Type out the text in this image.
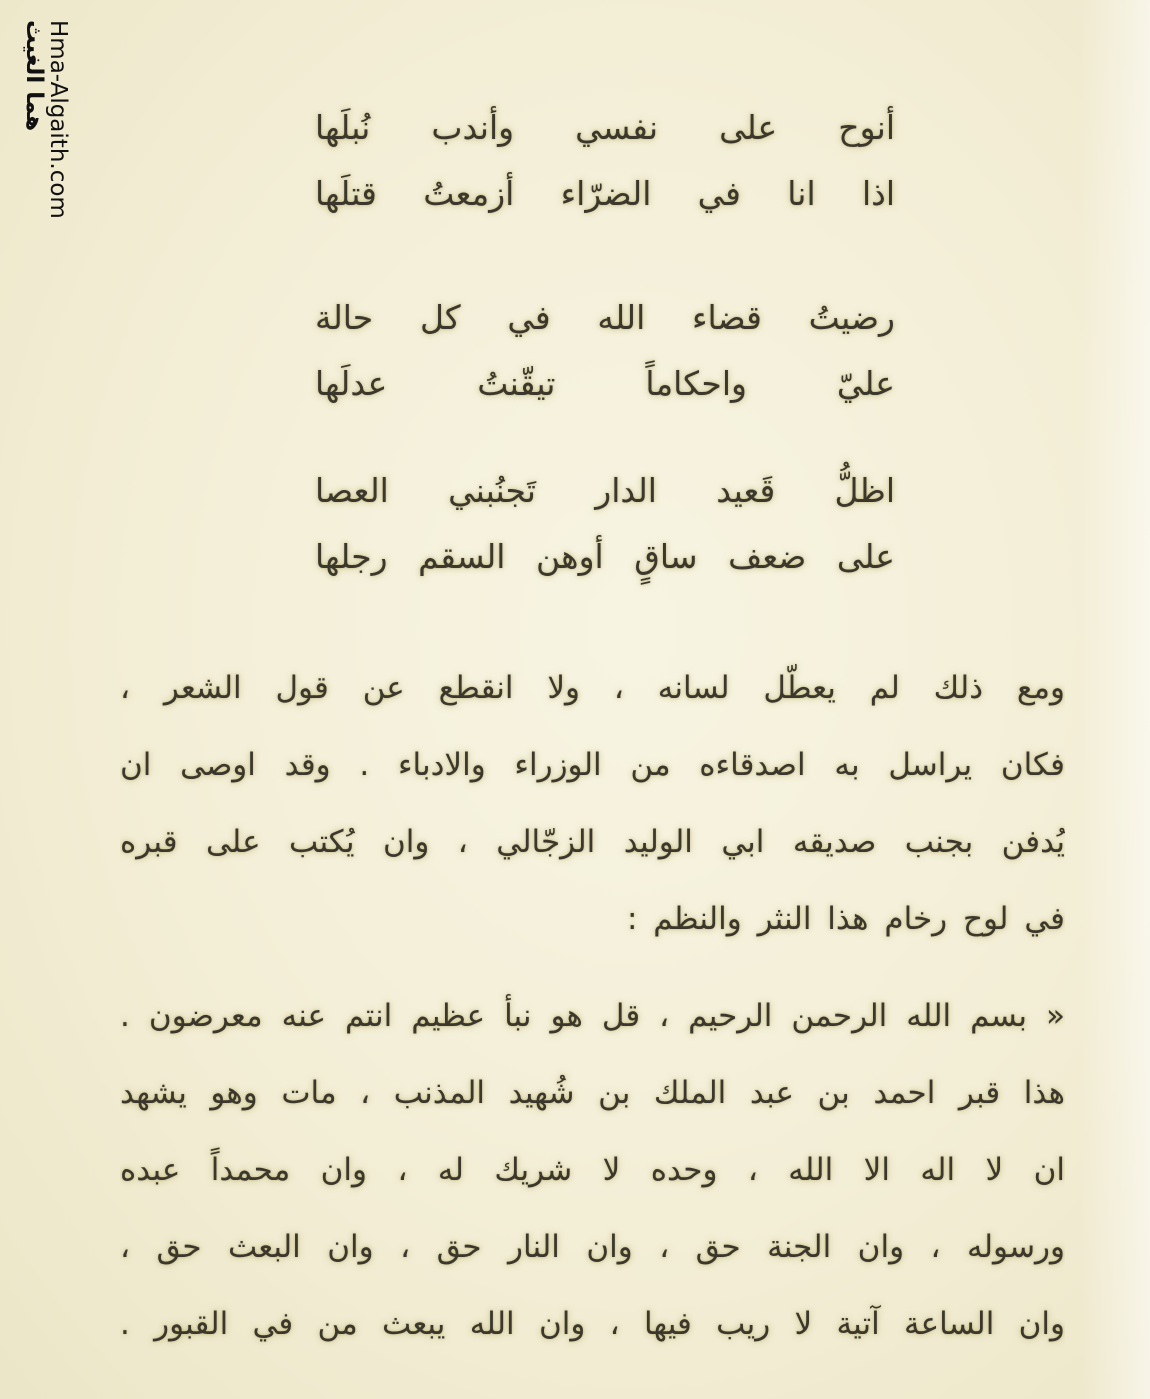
Hma-Algaith.com
هما الغيث	أنوح على نفسي وأندب نُبلَها
اذا انا في الضرّاء أزمعتُ قتلَها
رضيتُ قضاء الله في كل حالة
عليّ واحكاماً تيقّنتُ عدلَها
اظلُّ قَعيد الدار تَجنُبني العصا
على ضعف ساقٍ أوهن السقم رجلها
ومع ذلك لم يعطّل لسانه ، ولا انقطع عن قول الشعر ،
فكان يراسل به اصدقاءه من الوزراء والادباء . وقد اوصى ان
يُدفن بجنب صديقه ابي الوليد الزجّالي ، وان يُكتب على قبره
في لوح رخام هذا النثر والنظم :
« بسم الله الرحمن الرحيم ، قل هو نبأ عظيم انتم عنه معرضون .
هذا قبر احمد بن عبد الملك بن شُهيد المذنب ، مات وهو يشهد
ان لا اله الا الله ، وحده لا شريك له ، وان محمداً عبده
ورسوله ، وان الجنة حق ، وان النار حق ، وان البعث حق ،
وان الساعة آتية لا ريب فيها ، وان الله يبعث من في القبور .
